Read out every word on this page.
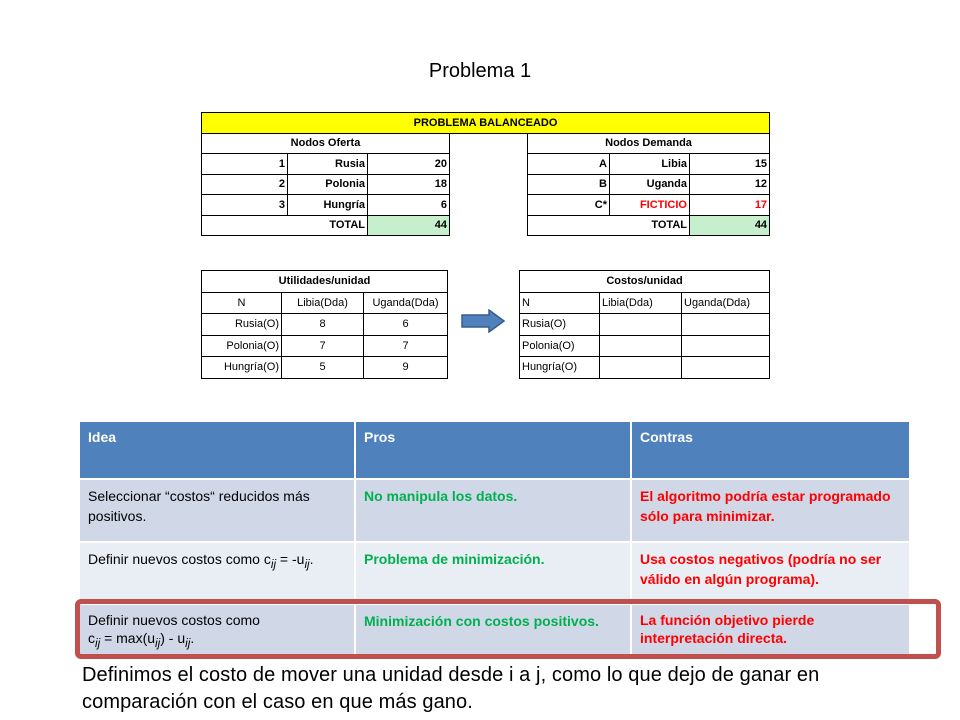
Problema 1
PROBLEMA BALANCEADO						
Nodos Oferta				Nodos Demanda		
1	Rusia	20		A	Libia	15
2	Polonia	18		B	Uganda	12
3	Hungría	6		C*	FICTICIO	17
TOTAL		44		TOTAL		44
Utilidades/unidad		
N	Libia(Dda)	Uganda(Dda)
Rusia(O)	8	6
Polonia(O)	7	7
Hungría(O)	5	9
Costos/unidad		
N	Libia(Dda)	Uganda(Dda)
Rusia(O)		
Polonia(O)		
Hungría(O)		
Idea	Pros	Contras
Seleccionar “costos“ reducidos más positivos.	No manipula los datos.	El algoritmo podría estar programado sólo para minimizar.
Definir nuevos costos como $c_{ij} = -u_{ij}$.	Problema de minimización.	Usa costos negativos (podría no ser válido en algún programa).
Definir nuevos costos como
$c_{ij} = \max(u_{ij}) - u_{ij}$.	Minimización con costos positivos.	La función objetivo pierde interpretación directa.
Definimos el costo de mover una unidad desde i a j, como lo que dejo de ganar en comparación con el caso en que más gano.
